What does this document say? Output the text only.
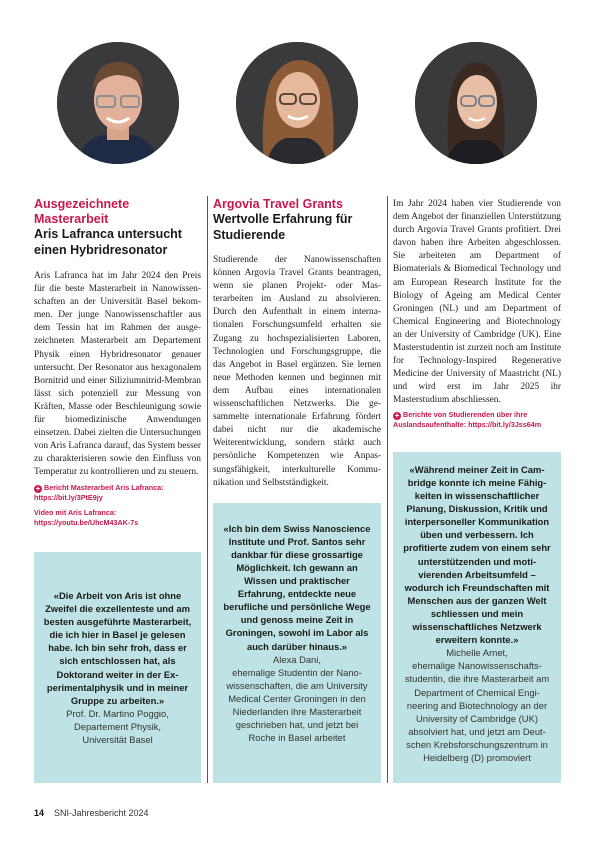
Ausgezeichnete Masterarbeit
Aris Lafranca untersucht einen Hybridresonator
Aris Lafranca hat im Jahr 2024 den Preis für die beste Masterarbeit in Nanowissenschaften an der Universität Basel bekommen. Der junge Nanowissenschaftler aus dem Tessin hat im Rahmen der ausgezeichneten Masterarbeit am Departement Physik einen Hybridresonator genauer untersucht. Der Resonator aus hexagonalem Bornitrid und einer Siliziumnitrid-Membran lässt sich potenziell zur Messung von Kräften, Masse oder Beschleunigung sowie für biomedizinische Anwendungen einsetzen. Dabei zielten die Untersuchungen von Aris Lafranca darauf, das System besser zu charakterisieren sowie den Einfluss von Temperatur zu kontrollieren und zu steuern.
+ Bericht Masterarbeit Aris Lafranca:
https://bit.ly/3PtE9jy
Video mit Aris Lafranca:
https://youtu.be/UhcM43AK-7s
Argovia Travel Grants
Wertvolle Erfahrung für Studierende
Studierende der Nanowissenschaften können Argovia Travel Grants beantragen, wenn sie planen Projekt- oder Masterarbeiten im Ausland zu absolvieren. Durch den Aufenthalt in einem internationalen Forschungsumfeld erhalten sie Zugang zu hochspezialisierten Laboren, Technologien und Forschungsgruppe, die das Angebot in Basel ergänzen. Sie lernen neue Methoden kennen und beginnen mit dem Aufbau eines internationalen wissenschaftlichen Netzwerks. Die gesammelte internationale Erfahrung fördert dabei nicht nur die akademische Weiterentwicklung, sondern stärkt auch persönliche Kompetenzen wie Anpassungsfähigkeit, interkulturelle Kommunikation und Selbstständigkeit.
Im Jahr 2024 haben vier Studierende von dem Angebot der finanziellen Unterstützung durch Argovia Travel Grants profitiert. Drei davon haben ihre Arbeiten abgeschlossen. Sie arbeiteten am Department of Biomaterials & Biomedical Technology und am European Research Institute for the Biology of Ageing am Medical Center Groningen (NL) und am Department of Chemical Engineering and Biotechnology an der University of Cambridge (UK). Eine Masterstudentin ist zurzeit noch am Institute for Technology-Inspired Regenerative Medicine der University of Maastricht (NL) und wird erst im Jahr 2025 ihr Masterstudium abschliessen.
+ Berichte von Studierenden über ihre Auslandsaufenthalte: https://bit.ly/3Jss64m
«Die Arbeit von Aris ist ohne Zweifel die exzellenteste und am besten ausgeführte Masterarbeit, die ich hier in Basel je gelesen habe. Ich bin sehr froh, dass er sich entschlossen hat, als Doktorand weiter in der Experimentalphysik und in meiner Gruppe zu arbeiten.»
Prof. Dr. Martino Poggio,
Departement Physik, Universität Basel
«Ich bin dem Swiss Nanoscience Institute und Prof. Santos sehr dankbar für diese grossartige Möglichkeit. Ich gewann an Wissen und praktischer Erfahrung, entdeckte neue berufliche und persönliche Wege und genoss meine Zeit in Groningen, sowohl im Labor als auch darüber hinaus.»
Alexa Dani,
ehemalige Studentin der Nanowissenschaften, die am University Medical Center Groningen in den Niederlanden ihre Masterarbeit geschrieben hat, und jetzt bei Roche in Basel arbeitet
«Während meiner Zeit in Cambridge konnte ich meine Fähigkeiten in wissenschaftlicher Planung, Diskussion, Kritik und interpersoneller Kommunikation üben und verbessern. Ich profitierte zudem von einem sehr unterstützenden und motivierenden Arbeitsumfeld – wodurch ich Freundschaften mit Menschen aus der ganzen Welt schliessen und mein wissenschaftliches Netzwerk erweitern konnte.»
Michelle Arnet,
ehemalige Nanowissenschaftsstudentin, die ihre Masterarbeit am Department of Chemical Engineering and Biotechnology an der University of Cambridge (UK) absolviert hat, und jetzt am Deutschen Krebsforschungszentrum in Heidelberg (D) promoviert
14 SNI-Jahresbericht 2024
